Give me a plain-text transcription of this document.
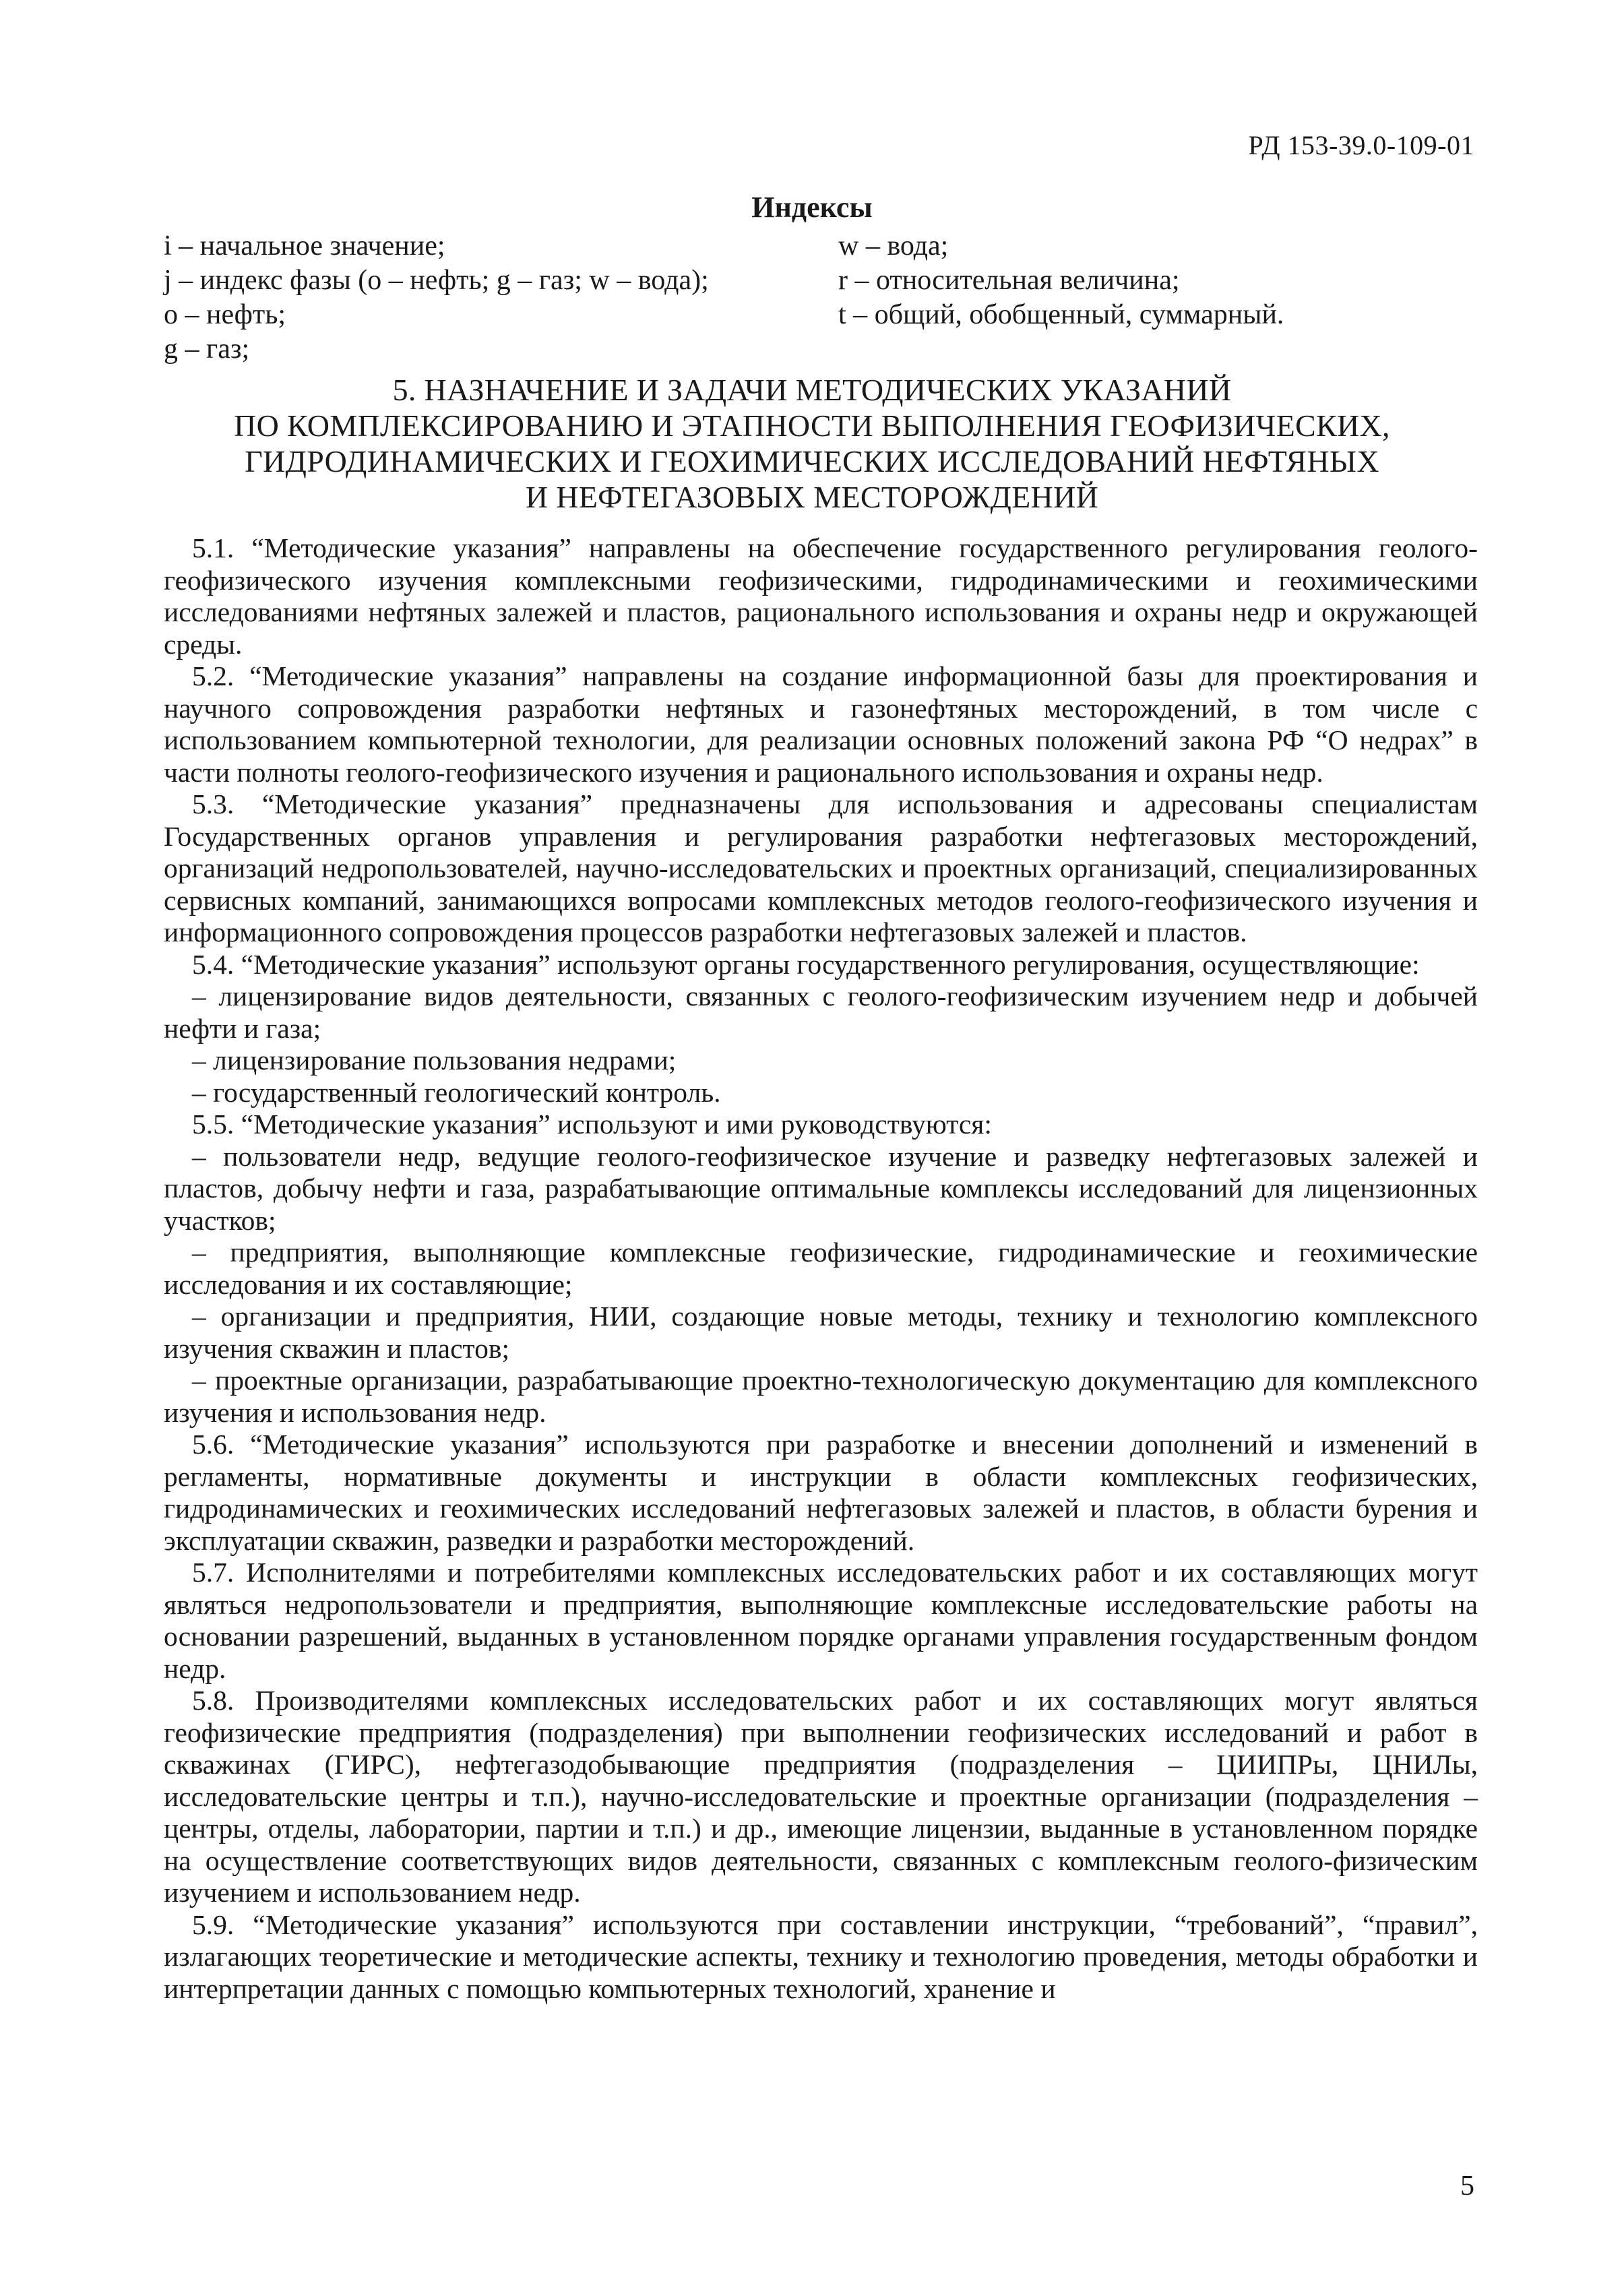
РД 153-39.0-109-01
Индексы
i – начальное значение;
j – индекс фазы (о – нефть; g – газ; w – вода);
о – нефть;
g – газ;
w – вода;
r – относительная величина;
t – общий, обобщенный, суммарный.
5. НАЗНАЧЕНИЕ И ЗАДАЧИ МЕТОДИЧЕСКИХ УКАЗАНИЙ
ПО КОМПЛЕКСИРОВАНИЮ И ЭТАПНОСТИ ВЫПОЛНЕНИЯ ГЕОФИЗИЧЕСКИХ,
ГИДРОДИНАМИЧЕСКИХ И ГЕОХИМИЧЕСКИХ ИССЛЕДОВАНИЙ НЕФТЯНЫХ
И НЕФТЕГАЗОВЫХ МЕСТОРОЖДЕНИЙ

5.1. “Методические указания” направлены на обеспечение государственного регулирования геолого-геофизического изучения комплексными геофизическими, гидродинамическими и геохимическими исследованиями нефтяных залежей и пластов, рационального использования и охраны недр и окружающей среды.

5.2. “Методические указания” направлены на создание информационной базы для проектирования и научного сопровождения разработки нефтяных и газонефтяных месторождений, в том числе с использованием компьютерной технологии, для реализации основных положений закона РФ “О недрах” в части полноты геолого-геофизического изучения и рационального использования и охраны недр.

5.3. “Методические указания” предназначены для использования и адресованы специалистам Государственных органов управления и регулирования разработки нефтегазовых месторождений, организаций недропользователей, научно-исследовательских и проектных организаций, специализированных сервисных компаний, занимающихся вопросами комплексных методов геолого-геофизического изучения и информационного сопровождения процессов разработки нефтегазовых залежей и пластов.

5.4. “Методические указания” используют органы государственного регулирования, осуществляющие:

– лицензирование видов деятельности, связанных с геолого-геофизическим изучением недр и добычей нефти и газа;

– лицензирование пользования недрами;

– государственный геологический контроль.

5.5. “Методические указания” используют и ими руководствуются:

– пользователи недр, ведущие геолого-геофизическое изучение и разведку нефтегазовых залежей и пластов, добычу нефти и газа, разрабатывающие оптимальные комплексы исследований для лицензионных участков;

– предприятия, выполняющие комплексные геофизические, гидродинамические и геохимические исследования и их составляющие;

– организации и предприятия, НИИ, создающие новые методы, технику и технологию комплексного изучения скважин и пластов;

– проектные организации, разрабатывающие проектно-технологическую документацию для комплексного изучения и использования недр.

5.6. “Методические указания” используются при разработке и внесении дополнений и изменений в регламенты, нормативные документы и инструкции в области комплексных геофизических, гидродинамических и геохимических исследований нефтегазовых залежей и пластов, в области бурения и эксплуатации скважин, разведки и разработки месторождений.

5.7. Исполнителями и потребителями комплексных исследовательских работ и их составляющих могут являться недропользователи и предприятия, выполняющие комплексные исследовательские работы на основании разрешений, выданных в установленном порядке органами управления государственным фондом недр.

5.8. Производителями комплексных исследовательских работ и их составляющих могут являться геофизические предприятия (подразделения) при выполнении геофизических исследований и работ в скважинах (ГИРС), нефтегазодобывающие предприятия (подразделения – ЦИИПРы, ЦНИЛы, исследовательские центры и т.п.), научно-исследовательские и проектные организации (подразделения – центры, отделы, лаборатории, партии и т.п.) и др., имеющие лицензии, выданные в установленном порядке на осуществление соответствующих видов деятельности, связанных с комплексным геолого-физическим изучением и использованием недр.

5.9. “Методические указания” используются при составлении инструкции, “требований”, “правил”, излагающих теоретические и методические аспекты, технику и технологию проведения, методы обработки и интерпретации данных с помощью компьютерных технологий, хранение и

5
